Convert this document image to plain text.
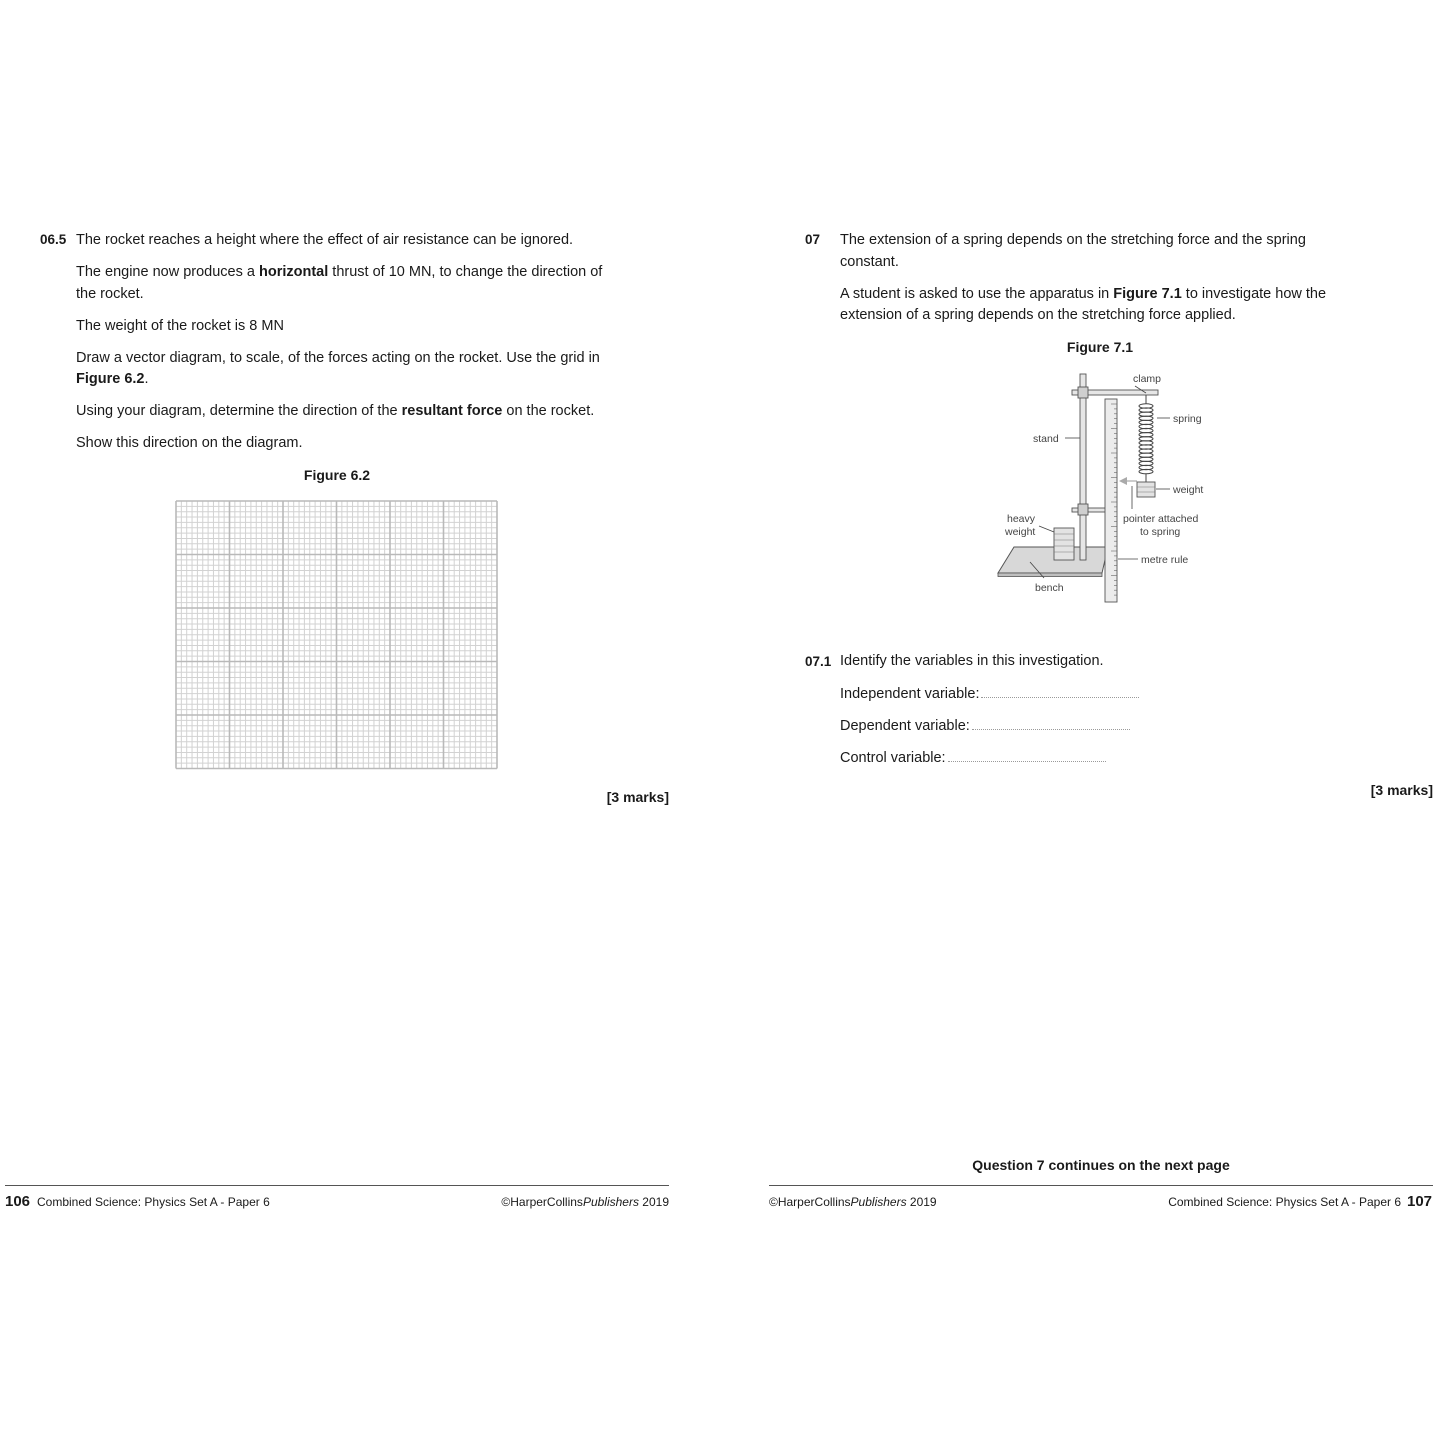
06.5 The rocket reaches a height where the effect of air resistance can be ignored.

The engine now produces a horizontal thrust of 10 MN, to change the direction of the rocket.

The weight of the rocket is 8 MN

Draw a vector diagram, to scale, of the forces acting on the rocket. Use the grid in Figure 6.2.

Using your diagram, determine the direction of the resultant force on the rocket.

Show this direction on the diagram.

Figure 6.2
[3 marks]
106 Combined Science: Physics Set A - Paper 6	©HarperCollinsPublishers 2019
07 The extension of a spring depends on the stretching force and the spring constant.

A student is asked to use the apparatus in Figure 7.1 to investigate how the extension of a spring depends on the stretching force applied.

Figure 7.1
clamp
spring
stand
weight
heavy
weight
pointer attached
to spring
metre rule
bench
07.1 Identify the variables in this investigation.
Independent variable:
Dependent variable:
Control variable:
[3 marks]
Question 7 continues on the next page
©HarperCollinsPublishers 2019	Combined Science: Physics Set A - Paper 6 107
